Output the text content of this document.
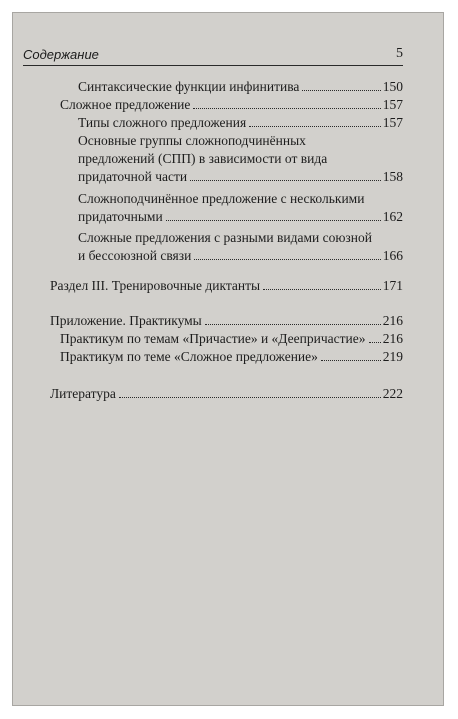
Содержание	5
Синтаксические функции инфинитива	150
Сложное предложение	157
Типы сложного предложения	157
Основные группы сложноподчинённых
предложений (СПП) в зависимости от вида
придаточной части	158
Сложноподчинённое предложение с несколькими
придаточными	162
Сложные предложения с разными видами союзной
и бессоюзной связи	166
Раздел III. Тренировочные диктанты	171
Приложение. Практикумы	216
Практикум по темам «Причастие» и «Деепричастие» 216
Практикум по теме «Сложное предложение»	219
Литература	222
